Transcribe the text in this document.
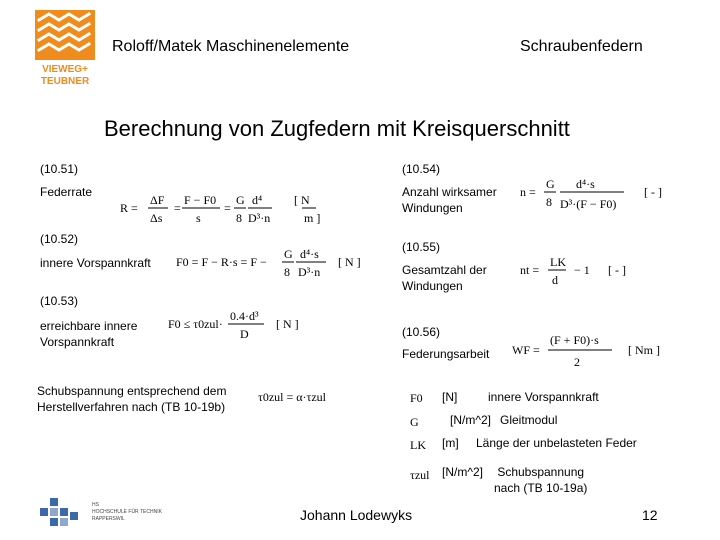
VIEWEG+
TEUBNER
Roloff/Matek Maschinenelemente	Schraubenfedern
Berechnung von Zugfedern mit Kreisquerschnitt
(10.51)
Federrate

R =
ΔF
Δs
=
F − F0
s
=
G
8
d⁴
D³·n
[ N
m ]

(10.52)
innere Vorspannkraft F0 = F − R·s = F −
G
8
d⁴·s
D³·n
[ N ]
(10.53)
erreichbare innere
Vorspannkraft
F0 ≤ τ0zul·
0.4·d³
D
[ N ]
Schubspannung entsprechend dem
Herstellverfahren nach (TB 10-19b)
τ0zul = α·τzul
(10.54)
Anzahl wirksamer
Windungen
n =
G
8
d⁴·s
D³·(F − F0)
[ - ]
(10.55)
Gesamtzahl der
Windungen
nt =
LK
d
− 1 [ - ]
(10.56)
Federungsarbeit WF =
(F + F0)·s
2
[ Nm ]
F0 [N]	innere Vorspannkraft
G	[N/m^2] Gleitmodul
LK [m] Länge der unbelasteten Feder
τzul [N/m^2] Schubspannung
nach (TB 10-19a)
HS
HOCHSCHULE FÜR TECHNIK
RAPPERSWIL	Johann Lodewyks	12
